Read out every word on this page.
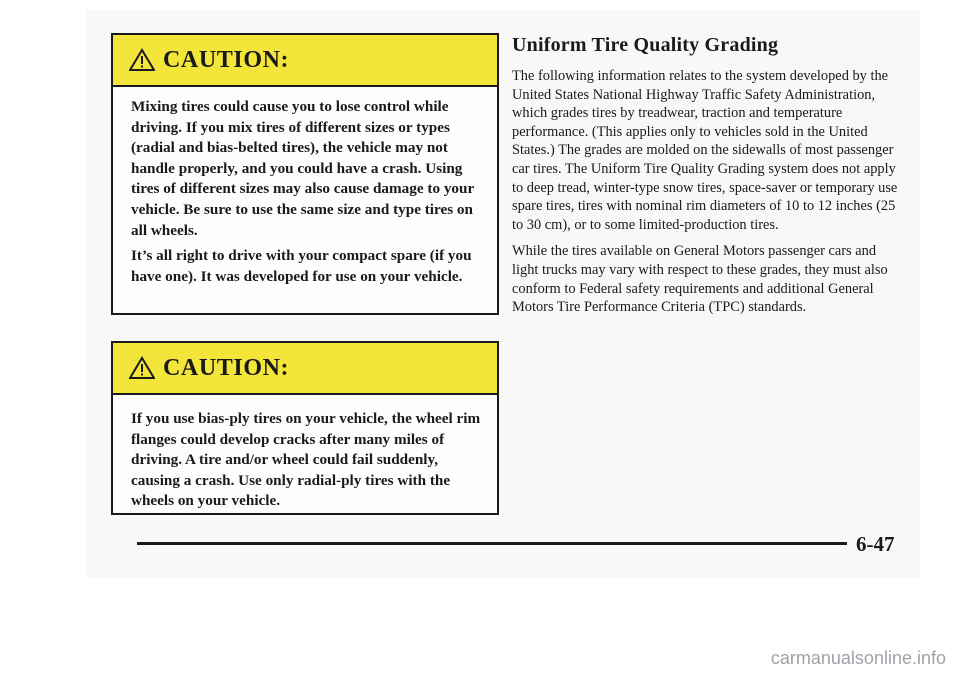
CAUTION:

Mixing tires could cause you to lose control while driving. If you mix tires of different sizes or types (radial and bias-belted tires), the vehicle may not handle properly, and you could have a crash. Using tires of different sizes may also cause damage to your vehicle. Be sure to use the same size and type tires on all wheels.

It’s all right to drive with your compact spare (if you have one). It was developed for use on your vehicle.

CAUTION:

If you use bias-ply tires on your vehicle, the wheel rim flanges could develop cracks after many miles of driving. A tire and/or wheel could fail suddenly, causing a crash. Use only radial-ply tires with the wheels on your vehicle.

Uniform Tire Quality Grading

The following information relates to the system developed by the United States National Highway Traffic Safety Administration, which grades tires by treadwear, traction and temperature performance. (This applies only to vehicles sold in the United States.) The grades are molded on the sidewalls of most passenger car tires. The Uniform Tire Quality Grading system does not apply to deep tread, winter-type snow tires, space-saver or temporary use spare tires, tires with nominal rim diameters of 10 to 12 inches (25 to 30 cm), or to some limited-production tires.

While the tires available on General Motors passenger cars and light trucks may vary with respect to these grades, they must also conform to Federal safety requirements and additional General Motors Tire Performance Criteria (TPC) standards.

6-47
carmanualsonline.info
